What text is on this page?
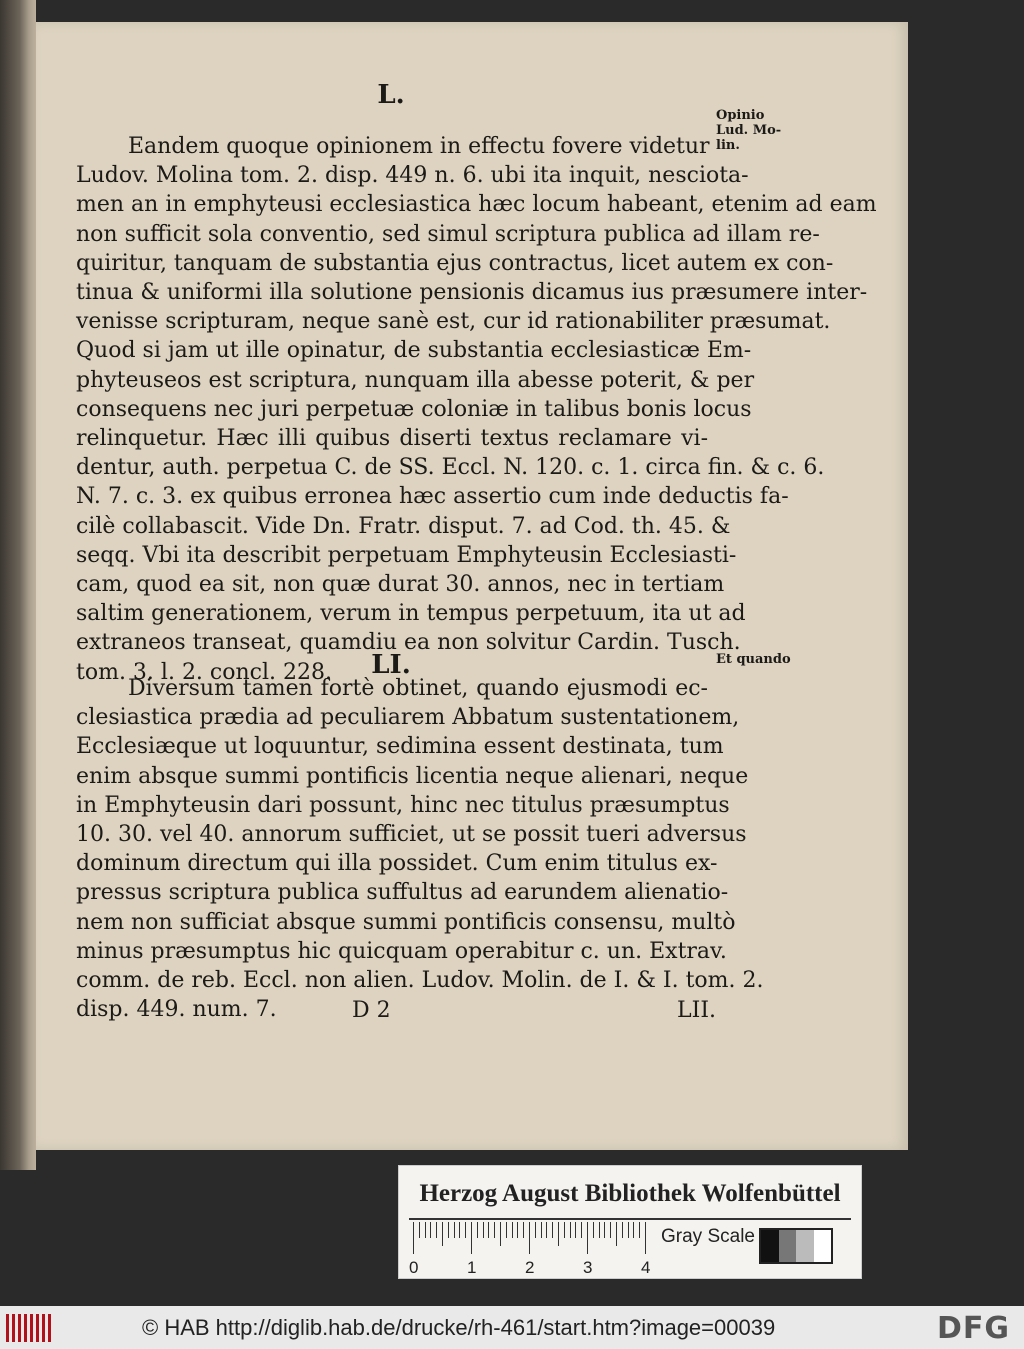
L.
Opinio
Lud. Mo-
lin.
Eandem quoque opinionem in effectu fovere videtur
Ludov. Molina tom. 2. disp. 449 n. 6. ubi ita inquit, nesciota-
men an in emphyteusi ecclesiastica hæc locum habeant, etenim ad eam
non sufficit sola conventio, sed simul scriptura publica ad illam re-
quiritur, tanquam de substantia ejus contractus, licet autem ex con-
tinua & uniformi illa solutione pensionis dicamus ius præsumere inter-
venisse scripturam, neque sanè est, cur id rationabiliter præsumat.
Quod si jam ut ille opinatur, de substantia ecclesiasticæ Em-
phyteuseos est scriptura, nunquam illa abesse poterit, & per
consequens nec juri perpetuæ coloniæ in talibus bonis locus
relinquetur. Hæc illi quibus diserti textus reclamare vi-
dentur, auth. perpetua C. de SS. Eccl. N. 120. c. 1. circa fin. & c. 6.
N. 7. c. 3. ex quibus erronea hæc assertio cum inde deductis fa-
cilè collabascit. Vide Dn. Fratr. disput. 7. ad Cod. th. 45. &
seqq. Vbi ita describit perpetuam Emphyteusin Ecclesiasti-
cam, quod ea sit, non quæ durat 30. annos, nec in tertiam
saltim generationem, verum in tempus perpetuum, ita ut ad
extraneos transeat, quamdiu ea non solvitur Cardin. Tusch.
tom. 3. l. 2. concl. 228.	LI.	Et quando
Diversum tamen fortè obtinet, quando ejusmodi ec-
clesiastica prædia ad peculiarem Abbatum sustentationem,
Ecclesiæque ut loquuntur, sedimina essent destinata, tum
enim absque summi pontificis licentia neque alienari, neque
in Emphyteusin dari possunt, hinc nec titulus præsumptus
10. 30. vel 40. annorum sufficiet, ut se possit tueri adversus
dominum directum qui illa possidet. Cum enim titulus ex-
pressus scriptura publica suffultus ad earundem alienatio-
nem non sufficiat absque summi pontificis consensu, multò
minus præsumptus hic quicquam operabitur c. un. Extrav.
comm. de reb. Eccl. non alien. Ludov. Molin. de I. & I. tom. 2.
disp. 449. num. 7.	D 2	LII.
Herzog August Bibliothek Wolfenbüttel
0	1	2	3	4
Gray Scale
© HAB http://diglib.hab.de/drucke/rh-461/start.htm?image=00039	DFG
